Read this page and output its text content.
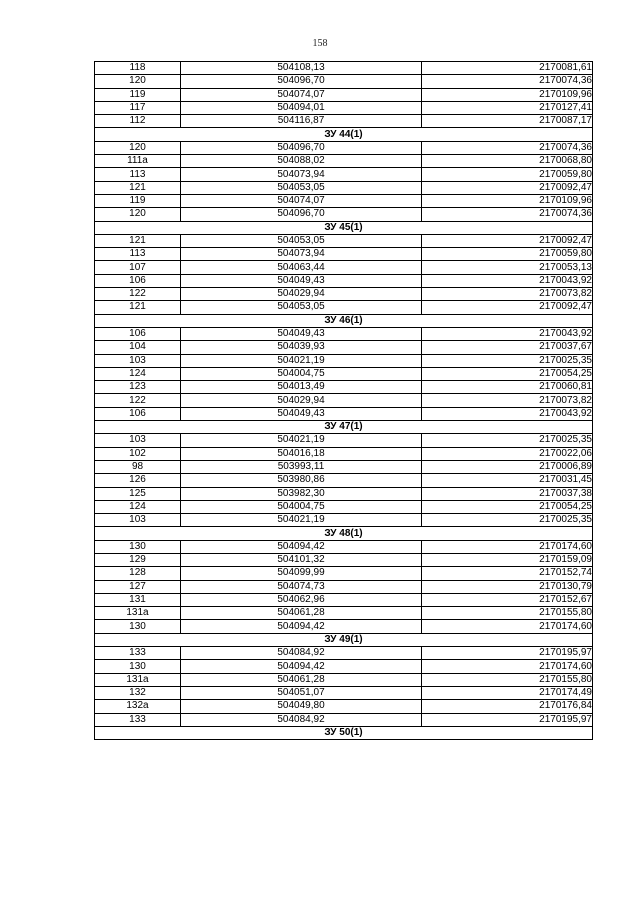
158
118	504108,13	2170081,61
120	504096,70	2170074,36
119	504074,07	2170109,96
117	504094,01	2170127,41
112	504116,87	2170087,17
ЗУ 44(1)		
120	504096,70	2170074,36
111а	504088,02	2170068,80
113	504073,94	2170059,80
121	504053,05	2170092,47
119	504074,07	2170109,96
120	504096,70	2170074,36
ЗУ 45(1)		
121	504053,05	2170092,47
113	504073,94	2170059,80
107	504063,44	2170053,13
106	504049,43	2170043,92
122	504029,94	2170073,82
121	504053,05	2170092,47
ЗУ 46(1)		
106	504049,43	2170043,92
104	504039,93	2170037,67
103	504021,19	2170025,35
124	504004,75	2170054,25
123	504013,49	2170060,81
122	504029,94	2170073,82
106	504049,43	2170043,92
ЗУ 47(1)		
103	504021,19	2170025,35
102	504016,18	2170022,06
98	503993,11	2170006,89
126	503980,86	2170031,45
125	503982,30	2170037,38
124	504004,75	2170054,25
103	504021,19	2170025,35
ЗУ 48(1)		
130	504094,42	2170174,60
129	504101,32	2170159,09
128	504099,99	2170152,74
127	504074,73	2170130,79
131	504062,96	2170152,67
131а	504061,28	2170155,80
130	504094,42	2170174,60
ЗУ 49(1)		
133	504084,92	2170195,97
130	504094,42	2170174,60
131а	504061,28	2170155,80
132	504051,07	2170174,49
132а	504049,80	2170176,84
133	504084,92	2170195,97
ЗУ 50(1)		
